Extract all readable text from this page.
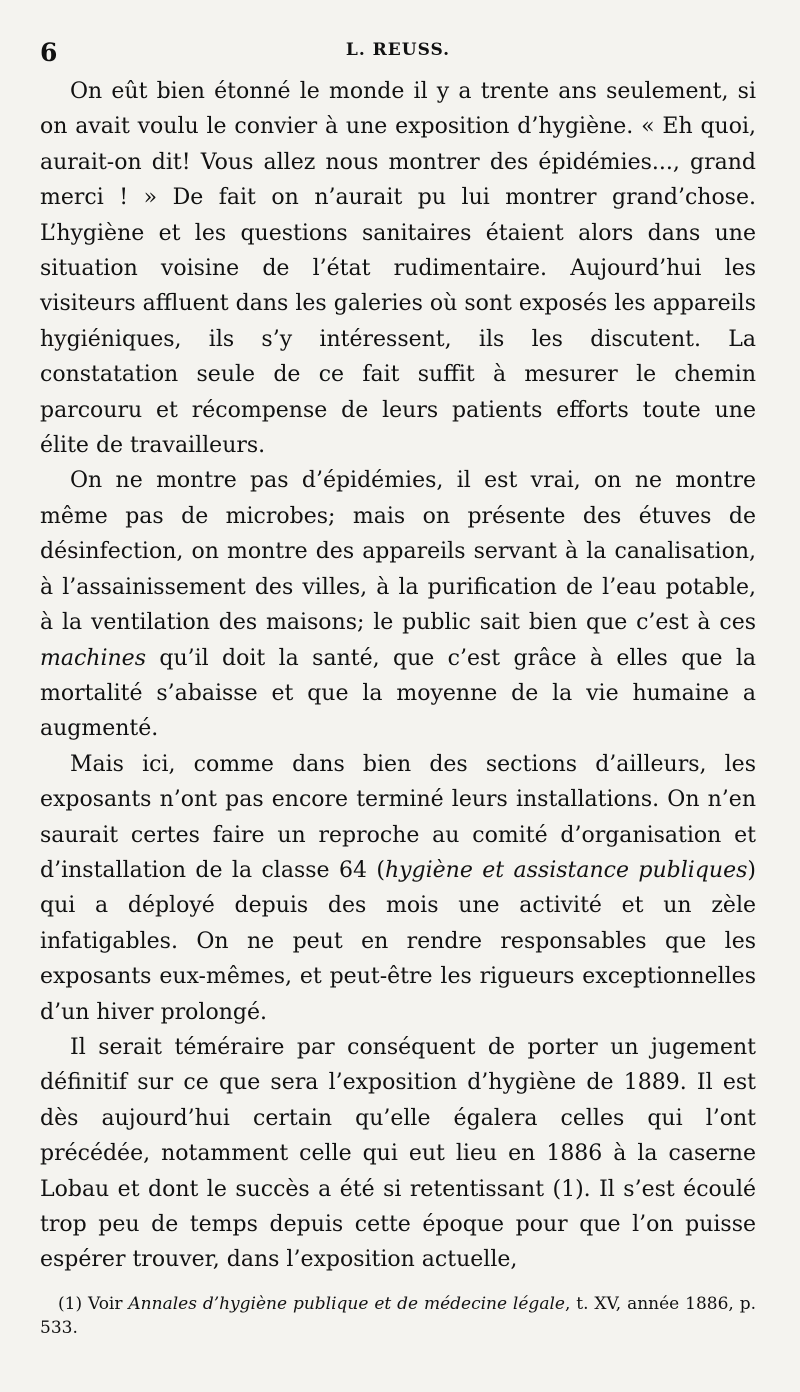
6	L. REUSS.

On eût bien étonné le monde il y a trente ans seulement, si on avait voulu le convier à une exposition d’hygiène. « Eh quoi, aurait-on dit! Vous allez nous montrer des épidémies..., grand merci ! » De fait on n’aurait pu lui montrer grand’chose. L’hygiène et les questions sanitaires étaient alors dans une situation voisine de l’état rudimentaire. Aujourd’hui les visiteurs affluent dans les galeries où sont exposés les appareils hygiéniques, ils s’y intéressent, ils les discutent. La constatation seule de ce fait suffit à mesurer le chemin parcouru et récompense de leurs patients efforts toute une élite de travailleurs.

On ne montre pas d’épidémies, il est vrai, on ne montre même pas de microbes; mais on présente des étuves de désinfection, on montre des appareils servant à la canalisation, à l’assainissement des villes, à la purification de l’eau potable, à la ventilation des maisons; le public sait bien que c’est à ces machines qu’il doit la santé, que c’est grâce à elles que la mortalité s’abaisse et que la moyenne de la vie humaine a augmenté.

Mais ici, comme dans bien des sections d’ailleurs, les exposants n’ont pas encore terminé leurs installations. On n’en saurait certes faire un reproche au comité d’organisation et d’installation de la classe 64 (hygiène et assistance publiques) qui a déployé depuis des mois une activité et un zèle infatigables. On ne peut en rendre responsables que les exposants eux-mêmes, et peut-être les rigueurs exceptionnelles d’un hiver prolongé.

Il serait téméraire par conséquent de porter un jugement définitif sur ce que sera l’exposition d’hygiène de 1889. Il est dès aujourd’hui certain qu’elle égalera celles qui l’ont précédée, notamment celle qui eut lieu en 1886 à la caserne Lobau et dont le succès a été si retentissant (1). Il s’est écoulé trop peu de temps depuis cette époque pour que l’on puisse espérer trouver, dans l’exposition actuelle,

(1) Voir Annales d’hygiène publique et de médecine légale, t. XV, année 1886, p. 533.
